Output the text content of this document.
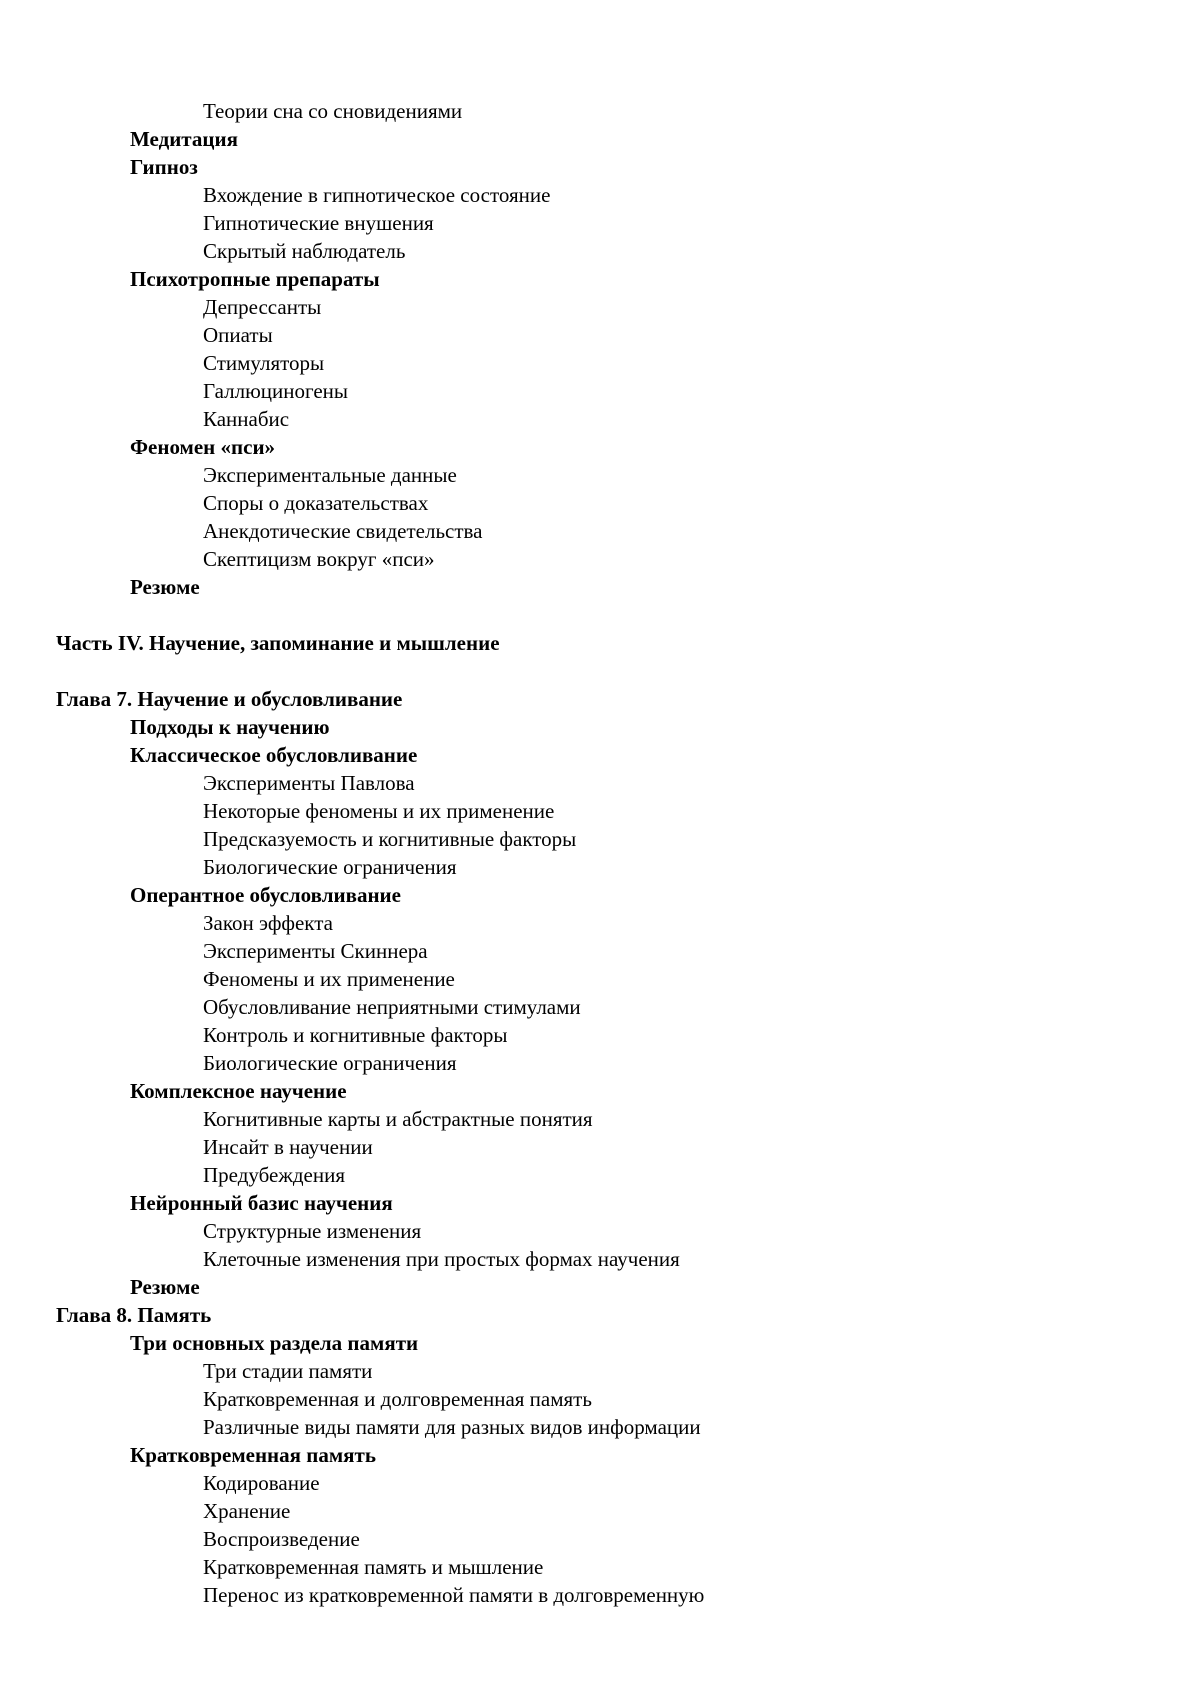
Теории сна со сновидениями
Медитация
Гипноз
Вхождение в гипнотическое состояние
Гипнотические внушения
Скрытый наблюдатель
Психотропные препараты
Депрессанты
Опиаты
Стимуляторы
Галлюциногены
Каннабис
Феномен «пси»
Экспериментальные данные
Споры о доказательствах
Анекдотические свидетельства
Скептицизм вокруг «пси»
Резюме
Часть IV. Научение, запоминание и мышление
Глава 7. Научение и обусловливание
Подходы к научению
Классическое обусловливание
Эксперименты Павлова
Некоторые феномены и их применение
Предсказуемость и когнитивные факторы
Биологические ограничения
Оперантное обусловливание
Закон эффекта
Эксперименты Скиннера
Феномены и их применение
Обусловливание неприятными стимулами
Контроль и когнитивные факторы
Биологические ограничения
Комплексное научение
Когнитивные карты и абстрактные понятия
Инсайт в научении
Предубеждения
Нейронный базис научения
Структурные изменения
Клеточные изменения при простых формах научения
Резюме
Глава 8. Память
Три основных раздела памяти
Три стадии памяти
Кратковременная и долговременная память
Различные виды памяти для разных видов информации
Кратковременная память
Кодирование
Хранение
Воспроизведение
Кратковременная память и мышление
Перенос из кратковременной памяти в долговременную
